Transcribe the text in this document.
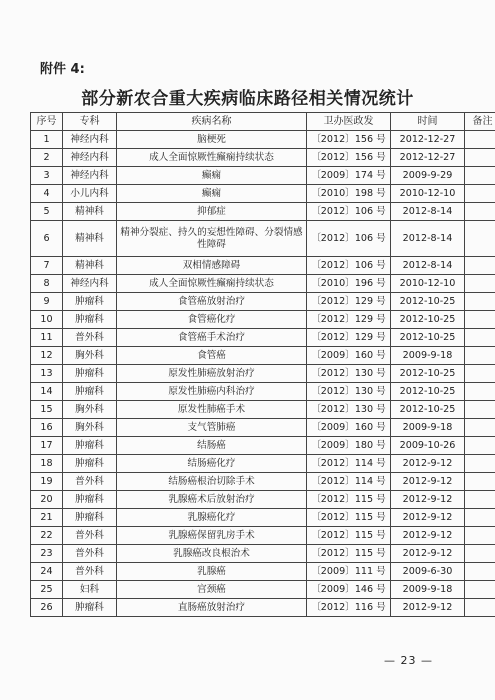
附件 4:
部分新农合重大疾病临床路径相关情况统计
序号	专科	疾病名称	卫办医政发	时间	备注
1	神经内科	脑梗死	〔2012〕156 号	2012-12-27	
2	神经内科	成人全面惊厥性癫痫持续状态	〔2012〕156 号	2012-12-27	
3	神经内科	癫痫	〔2009〕174 号	2009-9-29	
4	小儿内科	癫痫	〔2010〕198 号	2010-12-10	
5	精神科	抑郁症	〔2012〕106 号	2012-8-14	
6	精神科	精神分裂症、持久的妄想性障碍、分裂情感性障碍	〔2012〕106 号	2012-8-14	
7	精神科	双相情感障碍	〔2012〕106 号	2012-8-14	
8	神经内科	成人全面惊厥性癫痫持续状态	〔2010〕196 号	2010-12-10	
9	肿瘤科	食管癌放射治疗	〔2012〕129 号	2012-10-25	
10	肿瘤科	食管癌化疗	〔2012〕129 号	2012-10-25	
11	普外科	食管癌手术治疗	〔2012〕129 号	2012-10-25	
12	胸外科	食管癌	〔2009〕160 号	2009-9-18	
13	肿瘤科	原发性肺癌放射治疗	〔2012〕130 号	2012-10-25	
14	肿瘤科	原发性肺癌内科治疗	〔2012〕130 号	2012-10-25	
15	胸外科	原发性肺癌手术	〔2012〕130 号	2012-10-25	
16	胸外科	支气管肺癌	〔2009〕160 号	2009-9-18	
17	肿瘤科	结肠癌	〔2009〕180 号	2009-10-26	
18	肿瘤科	结肠癌化疗	〔2012〕114 号	2012-9-12	
19	普外科	结肠癌根治切除手术	〔2012〕114 号	2012-9-12	
20	肿瘤科	乳腺癌术后放射治疗	〔2012〕115 号	2012-9-12	
21	肿瘤科	乳腺癌化疗	〔2012〕115 号	2012-9-12	
22	普外科	乳腺癌保留乳房手术	〔2012〕115 号	2012-9-12	
23	普外科	乳腺癌改良根治术	〔2012〕115 号	2012-9-12	
24	普外科	乳腺癌	〔2009〕111 号	2009-6-30	
25	妇科	宫颈癌	〔2009〕146 号	2009-9-18	
26	肿瘤科	直肠癌放射治疗	〔2012〕116 号	2012-9-12	
— 23 —
